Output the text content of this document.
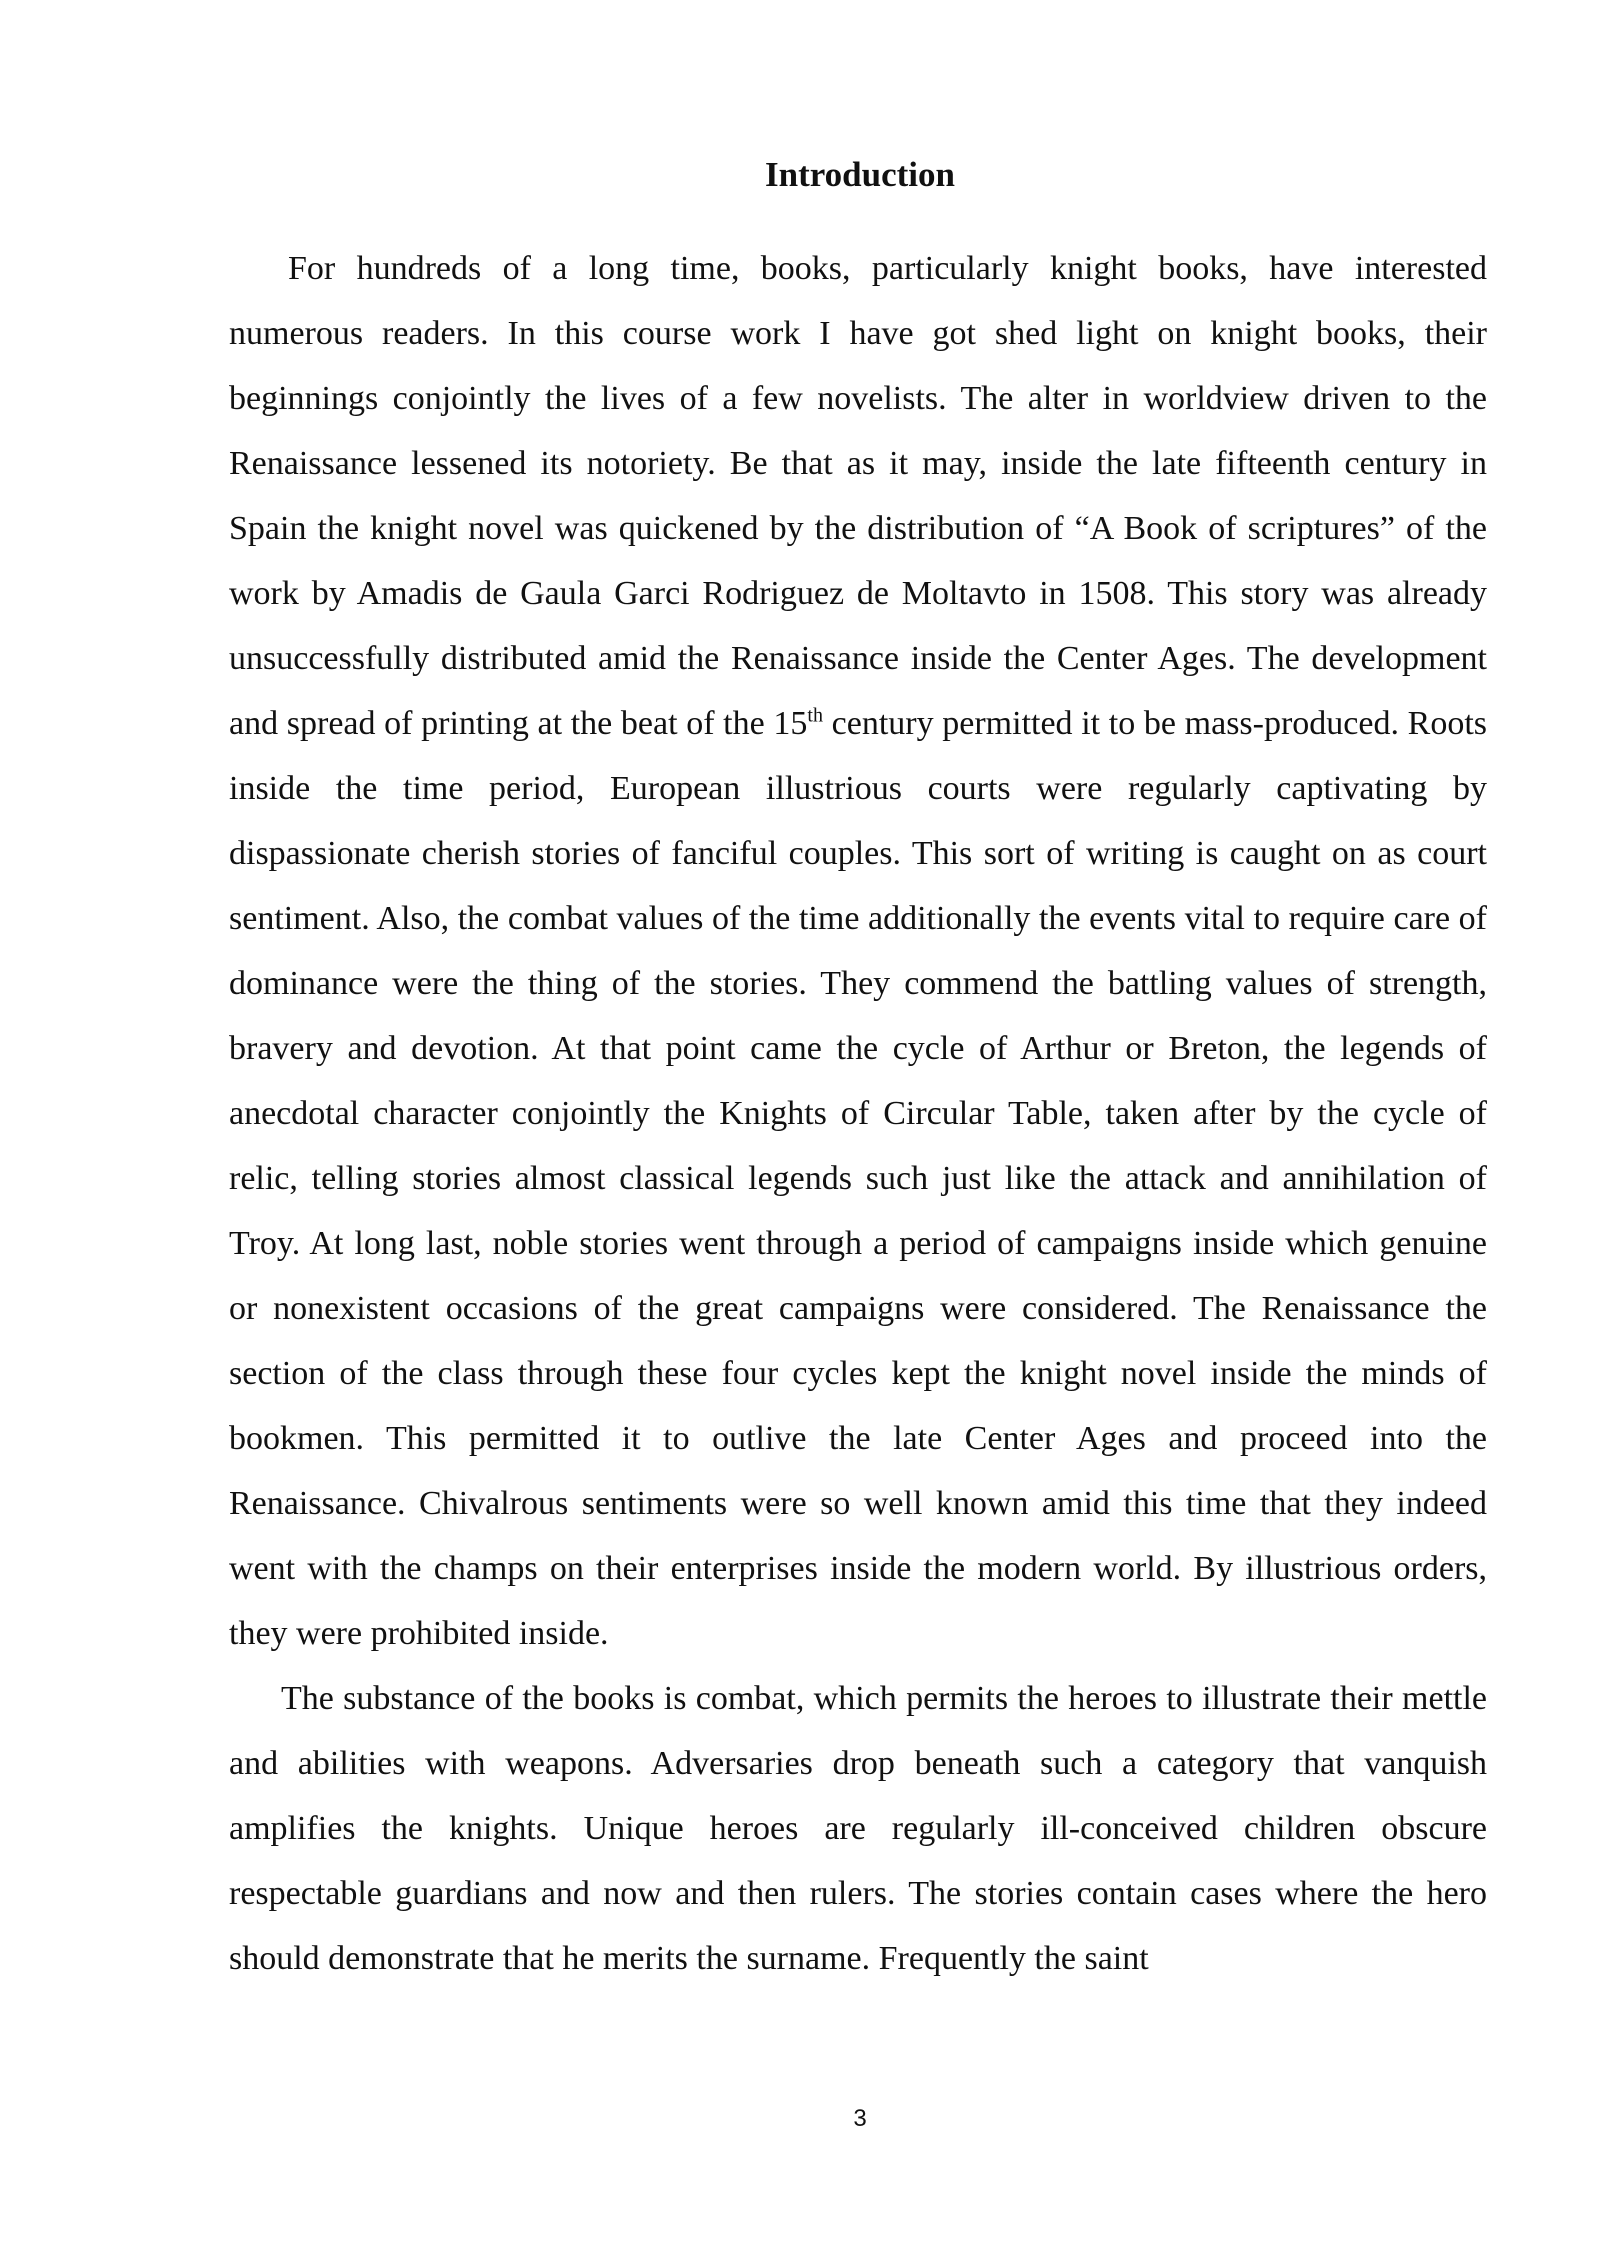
Introduction

For hundreds of a long time, books, particularly knight books, have interested numerous readers. In this course work I have got shed light on knight books, their beginnings conjointly the lives of a few novelists. The alter in worldview driven to the Renaissance lessened its notoriety. Be that as it may, inside the late fifteenth century in Spain the knight novel was quickened by the distribution of “A Book of scriptures” of the work by Amadis de Gaula Garci Rodriguez de Moltavto in 1508. This story was already unsuccessfully distributed amid the Renaissance inside the Center Ages. The development and spread of printing at the beat of the 15th century permitted it to be mass-produced. Roots inside the time period, European illustrious courts were regularly captivating by dispassionate cherish stories of fanciful couples. This sort of writing is caught on as court sentiment. Also, the combat values of the time additionally the events vital to require care of dominance were the thing of the stories. They commend the battling values of strength, bravery and devotion. At that point came the cycle of Arthur or Breton, the legends of anecdotal character conjointly the Knights of Circular Table, taken after by the cycle of relic, telling stories almost classical legends such just like the attack and annihilation of Troy. At long last, noble stories went through a period of campaigns inside which genuine or nonexistent occasions of the great campaigns were considered. The Renaissance the section of the class through these four cycles kept the knight novel inside the minds of bookmen. This permitted it to outlive the late Center Ages and proceed into the Renaissance. Chivalrous sentiments were so well known amid this time that they indeed went with the champs on their enterprises inside the modern world. By illustrious orders, they were prohibited inside.

The substance of the books is combat, which permits the heroes to illustrate their mettle and abilities with weapons. Adversaries drop beneath such a category that vanquish amplifies the knights. Unique heroes are regularly ill-conceived children obscure respectable guardians and now and then rulers. The stories contain cases where the hero should demonstrate that he merits the surname. Frequently the saint

3
